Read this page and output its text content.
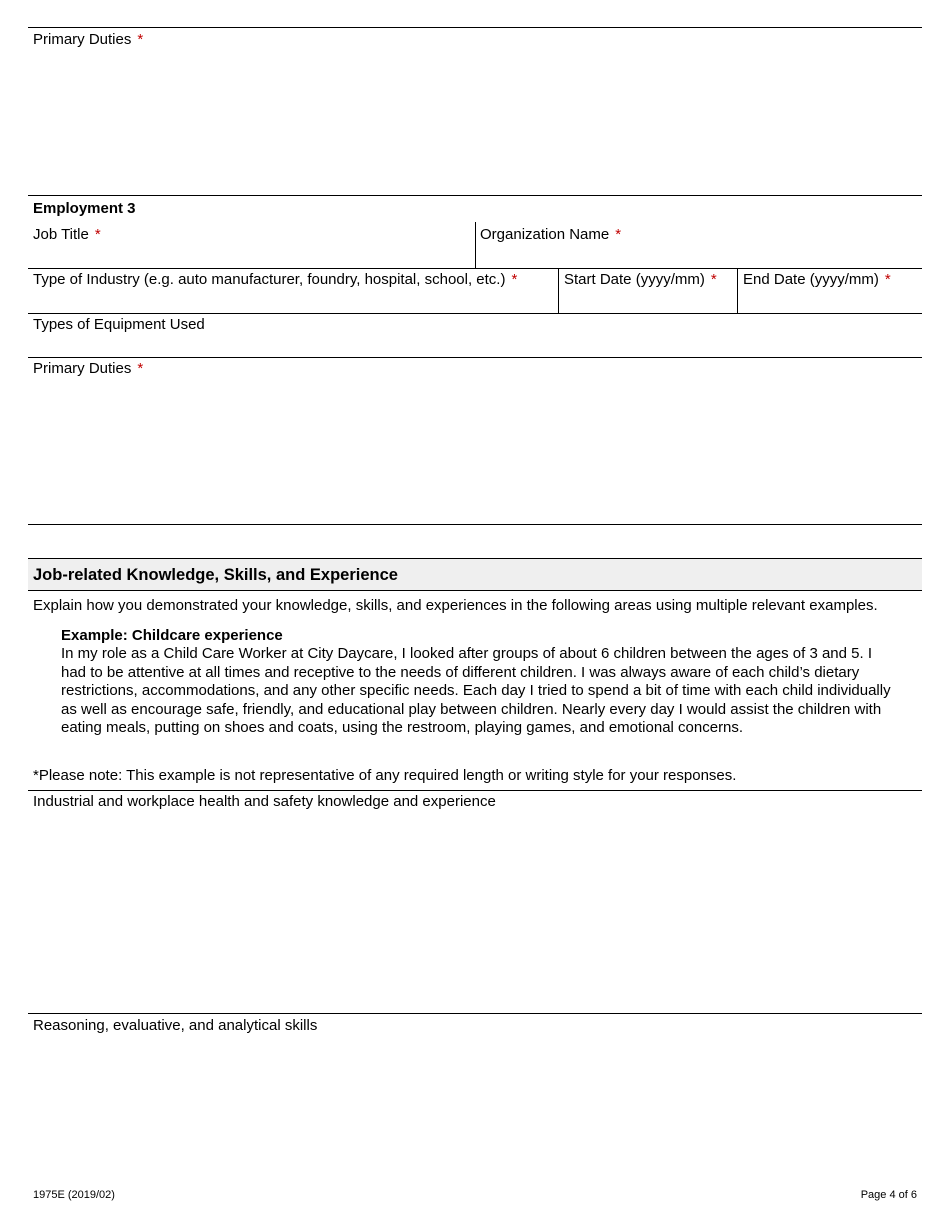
Primary Duties *
Employment 3
Job Title *	Organization Name *
Type of Industry (e.g. auto manufacturer, foundry, hospital, school, etc.) *	Start Date (yyyy/mm) * End Date (yyyy/mm) *
Types of Equipment Used
Primary Duties *
Job-related Knowledge, Skills, and Experience
Explain how you demonstrated your knowledge, skills, and experiences in the following areas using multiple relevant examples.
Example: Childcare experience
In my role as a Child Care Worker at City Daycare, I looked after groups of about 6 children between the ages of 3 and 5. I had to be attentive at all times and receptive to the needs of different children. I was always aware of each child’s dietary restrictions, accommodations, and any other specific needs. Each day I tried to spend a bit of time with each child individually as well as encourage safe, friendly, and educational play between children. Nearly every day I would assist the children with eating meals, putting on shoes and coats, using the restroom, playing games, and emotional concerns.
*Please note: This example is not representative of any required length or writing style for your responses.
Industrial and workplace health and safety knowledge and experience
Reasoning, evaluative, and analytical skills
1975E (2019/02)	Page 4 of 6
